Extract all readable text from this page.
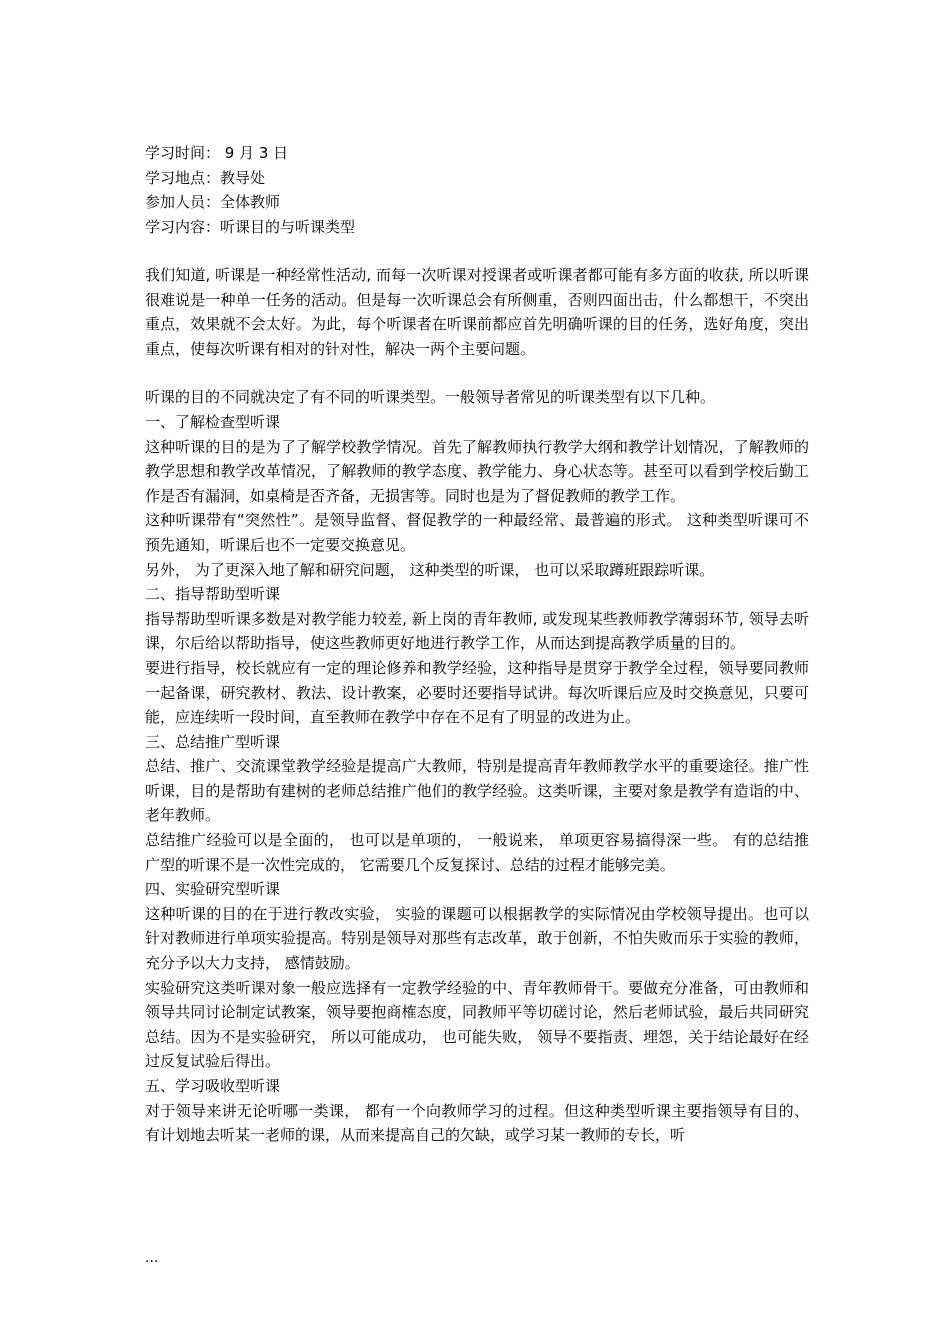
学习时间： 9 月 3 日
学习地点：教导处
参加人员：全体教师
学习内容：听课目的与听课类型

我们知道, 听课是一种经常性活动, 而每一次听课对授课者或听课者都可能有多方面的收获, 所以听课很难说是一种单一任务的活动。但是每一次听课总会有所侧重，否则四面出击，什么都想干，不突出重点，效果就不会太好。为此，每个听课者在听课前都应首先明确听课的目的任务，选好角度，突出重点，使每次听课有相对的针对性，解决一两个主要问题。

听课的目的不同就决定了有不同的听课类型。一般领导者常见的听课类型有以下几种。

一、了解检查型听课

这种听课的目的是为了了解学校教学情况。首先了解教师执行教学大纲和教学计划情况，了解教师的教学思想和教学改革情况，了解教师的教学态度、教学能力、身心状态等。甚至可以看到学校后勤工作是否有漏洞，如桌椅是否齐备，无损害等。同时也是为了督促教师的教学工作。

这种听课带有“突然性”。是领导监督、督促教学的一种最经常、最普遍的形式。 这种类型听课可不预先通知，听课后也不一定要交换意见。

另外， 为了更深入地了解和研究问题， 这种类型的听课， 也可以采取蹲班跟踪听课。

二、指导帮助型听课

指导帮助型听课多数是对教学能力较差, 新上岗的青年教师, 或发现某些教师教学薄弱环节, 领导去听课，尔后给以帮助指导，使这些教师更好地进行教学工作，从而达到提高教学质量的目的。

要进行指导，校长就应有一定的理论修养和教学经验，这种指导是贯穿于教学全过程，领导要同教师一起备课，研究教材、教法、设计教案，必要时还要指导试讲。每次听课后应及时交换意见，只要可能，应连续听一段时间，直至教师在教学中存在不足有了明显的改进为止。

三、总结推广型听课

总结、推广、交流课堂教学经验是提高广大教师，特别是提高青年教师教学水平的重要途径。推广性听课，目的是帮助有建树的老师总结推广他们的教学经验。这类听课，主要对象是教学有造诣的中、老年教师。

总结推广经验可以是全面的， 也可以是单项的， 一般说来， 单项更容易搞得深一些。 有的总结推广型的听课不是一次性完成的， 它需要几个反复探讨、总结的过程才能够完美。

四、实验研究型听课

这种听课的目的在于进行教改实验， 实验的课题可以根据教学的实际情况由学校领导提出。也可以针对教师进行单项实验提高。特别是领导对那些有志改革，敢于创新，不怕失败而乐于实验的教师， 充分予以大力支持， 感情鼓励。

实验研究这类听课对象一般应选择有一定教学经验的中、青年教师骨干。要做充分准备，可由教师和领导共同讨论制定试教案，领导要抱商榷态度，同教师平等切磋讨论，然后老师试验，最后共同研究总结。因为不是实验研究， 所以可能成功， 也可能失败， 领导不要指责、埋怨，关于结论最好在经过反复试验后得出。

五、学习吸收型听课

对于领导来讲无论听哪一类课， 都有一个向教师学习的过程。但这种类型听课主要指领导有目的、有计划地去听某一老师的课，从而来提高自己的欠缺，或学习某一教师的专长，听

...
